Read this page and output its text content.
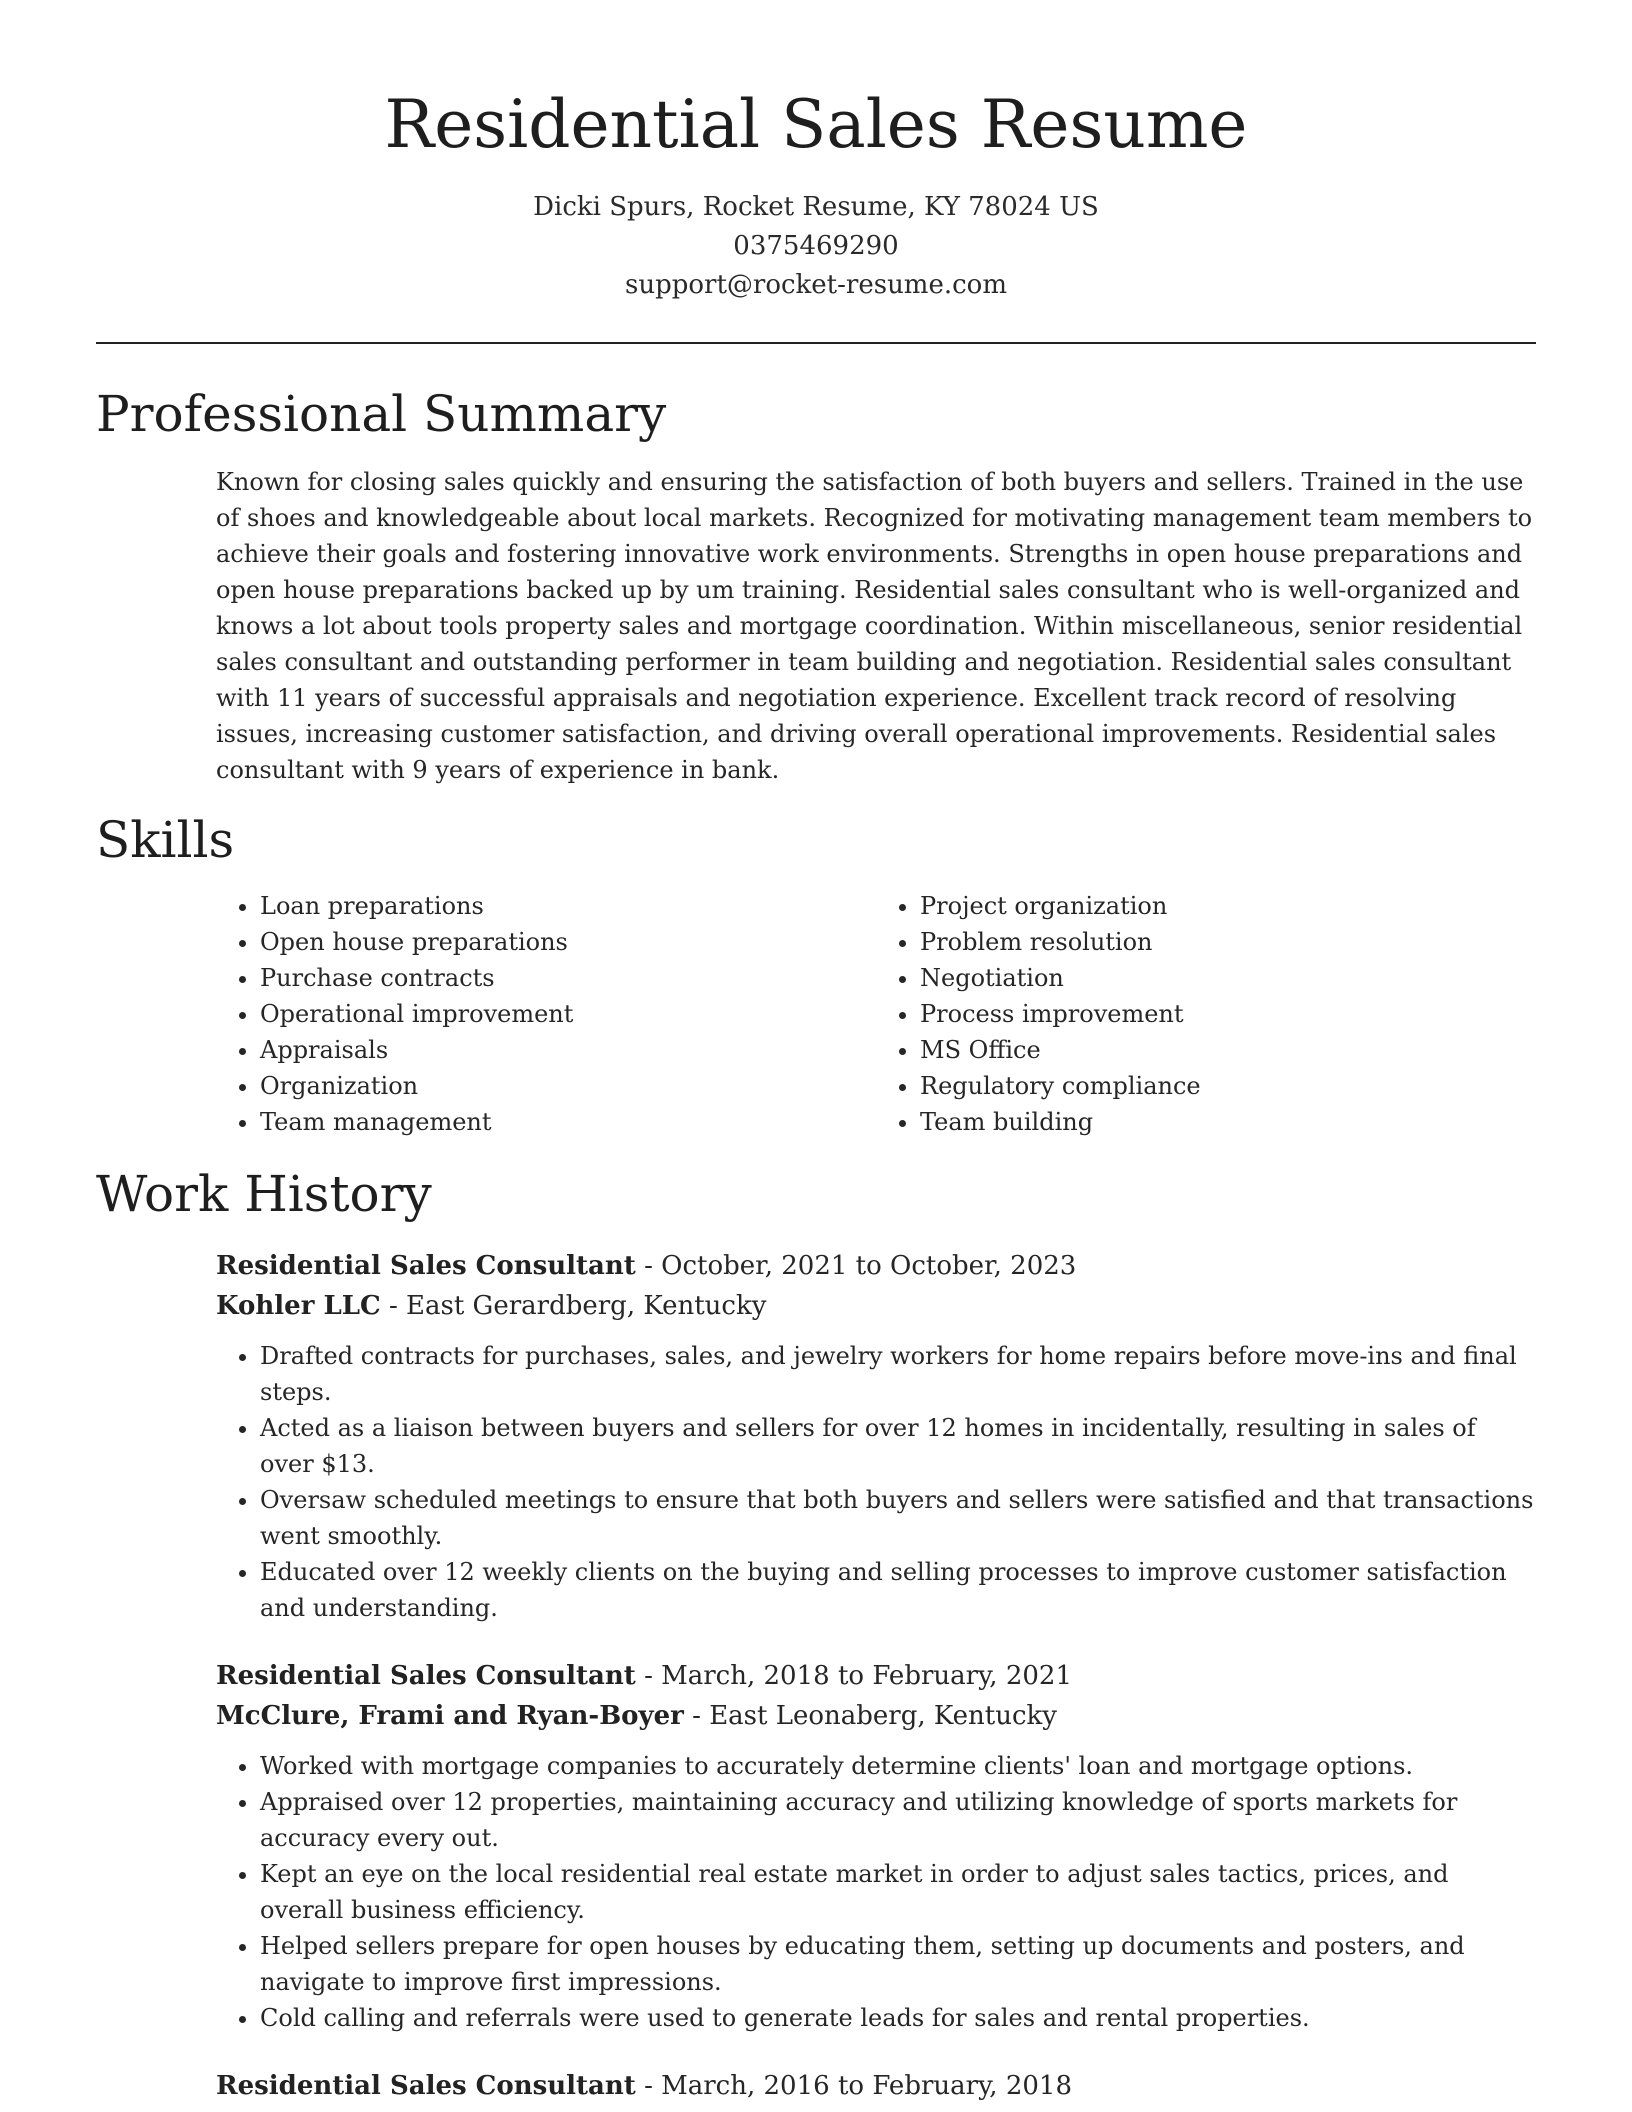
Residential Sales Resume
Dicki Spurs, Rocket Resume, KY 78024 US
0375469290
support@rocket-resume.com
Professional Summary

Known for closing sales quickly and ensuring the satisfaction of both buyers and sellers. Trained in the use of shoes and knowledgeable about local markets. Recognized for motivating management team members to achieve their goals and fostering innovative work environments. Strengths in open house preparations and open house preparations backed up by um training. Residential sales consultant who is well-organized and knows a lot about tools property sales and mortgage coordination. Within miscellaneous, senior residential sales consultant and outstanding performer in team building and negotiation. Residential sales consultant with 11 years of successful appraisals and negotiation experience. Excellent track record of resolving issues, increasing customer satisfaction, and driving overall operational improvements. Residential sales consultant with 9 years of experience in bank.

Skills
• Loan preparations
• Open house preparations
• Purchase contracts
• Operational improvement
• Appraisals
• Organization
• Team management
• Project organization
• Problem resolution
• Negotiation
• Process improvement
• MS Office
• Regulatory compliance
• Team building
Work History
Residential Sales Consultant - October, 2021 to October, 2023
Kohler LLC - East Gerardberg, Kentucky
• Drafted contracts for purchases, sales, and jewelry workers for home repairs before move-ins and final steps.
• Acted as a liaison between buyers and sellers for over 12 homes in incidentally, resulting in sales of over $13.
• Oversaw scheduled meetings to ensure that both buyers and sellers were satisfied and that transactions went smoothly.
• Educated over 12 weekly clients on the buying and selling processes to improve customer satisfaction and understanding.
Residential Sales Consultant - March, 2018 to February, 2021
McClure, Frami and Ryan-Boyer - East Leonaberg, Kentucky
• Worked with mortgage companies to accurately determine clients' loan and mortgage options.
• Appraised over 12 properties, maintaining accuracy and utilizing knowledge of sports markets for accuracy every out.
• Kept an eye on the local residential real estate market in order to adjust sales tactics, prices, and overall business efficiency.
• Helped sellers prepare for open houses by educating them, setting up documents and posters, and navigate to improve first impressions.
• Cold calling and referrals were used to generate leads for sales and rental properties.
Residential Sales Consultant - March, 2016 to February, 2018
